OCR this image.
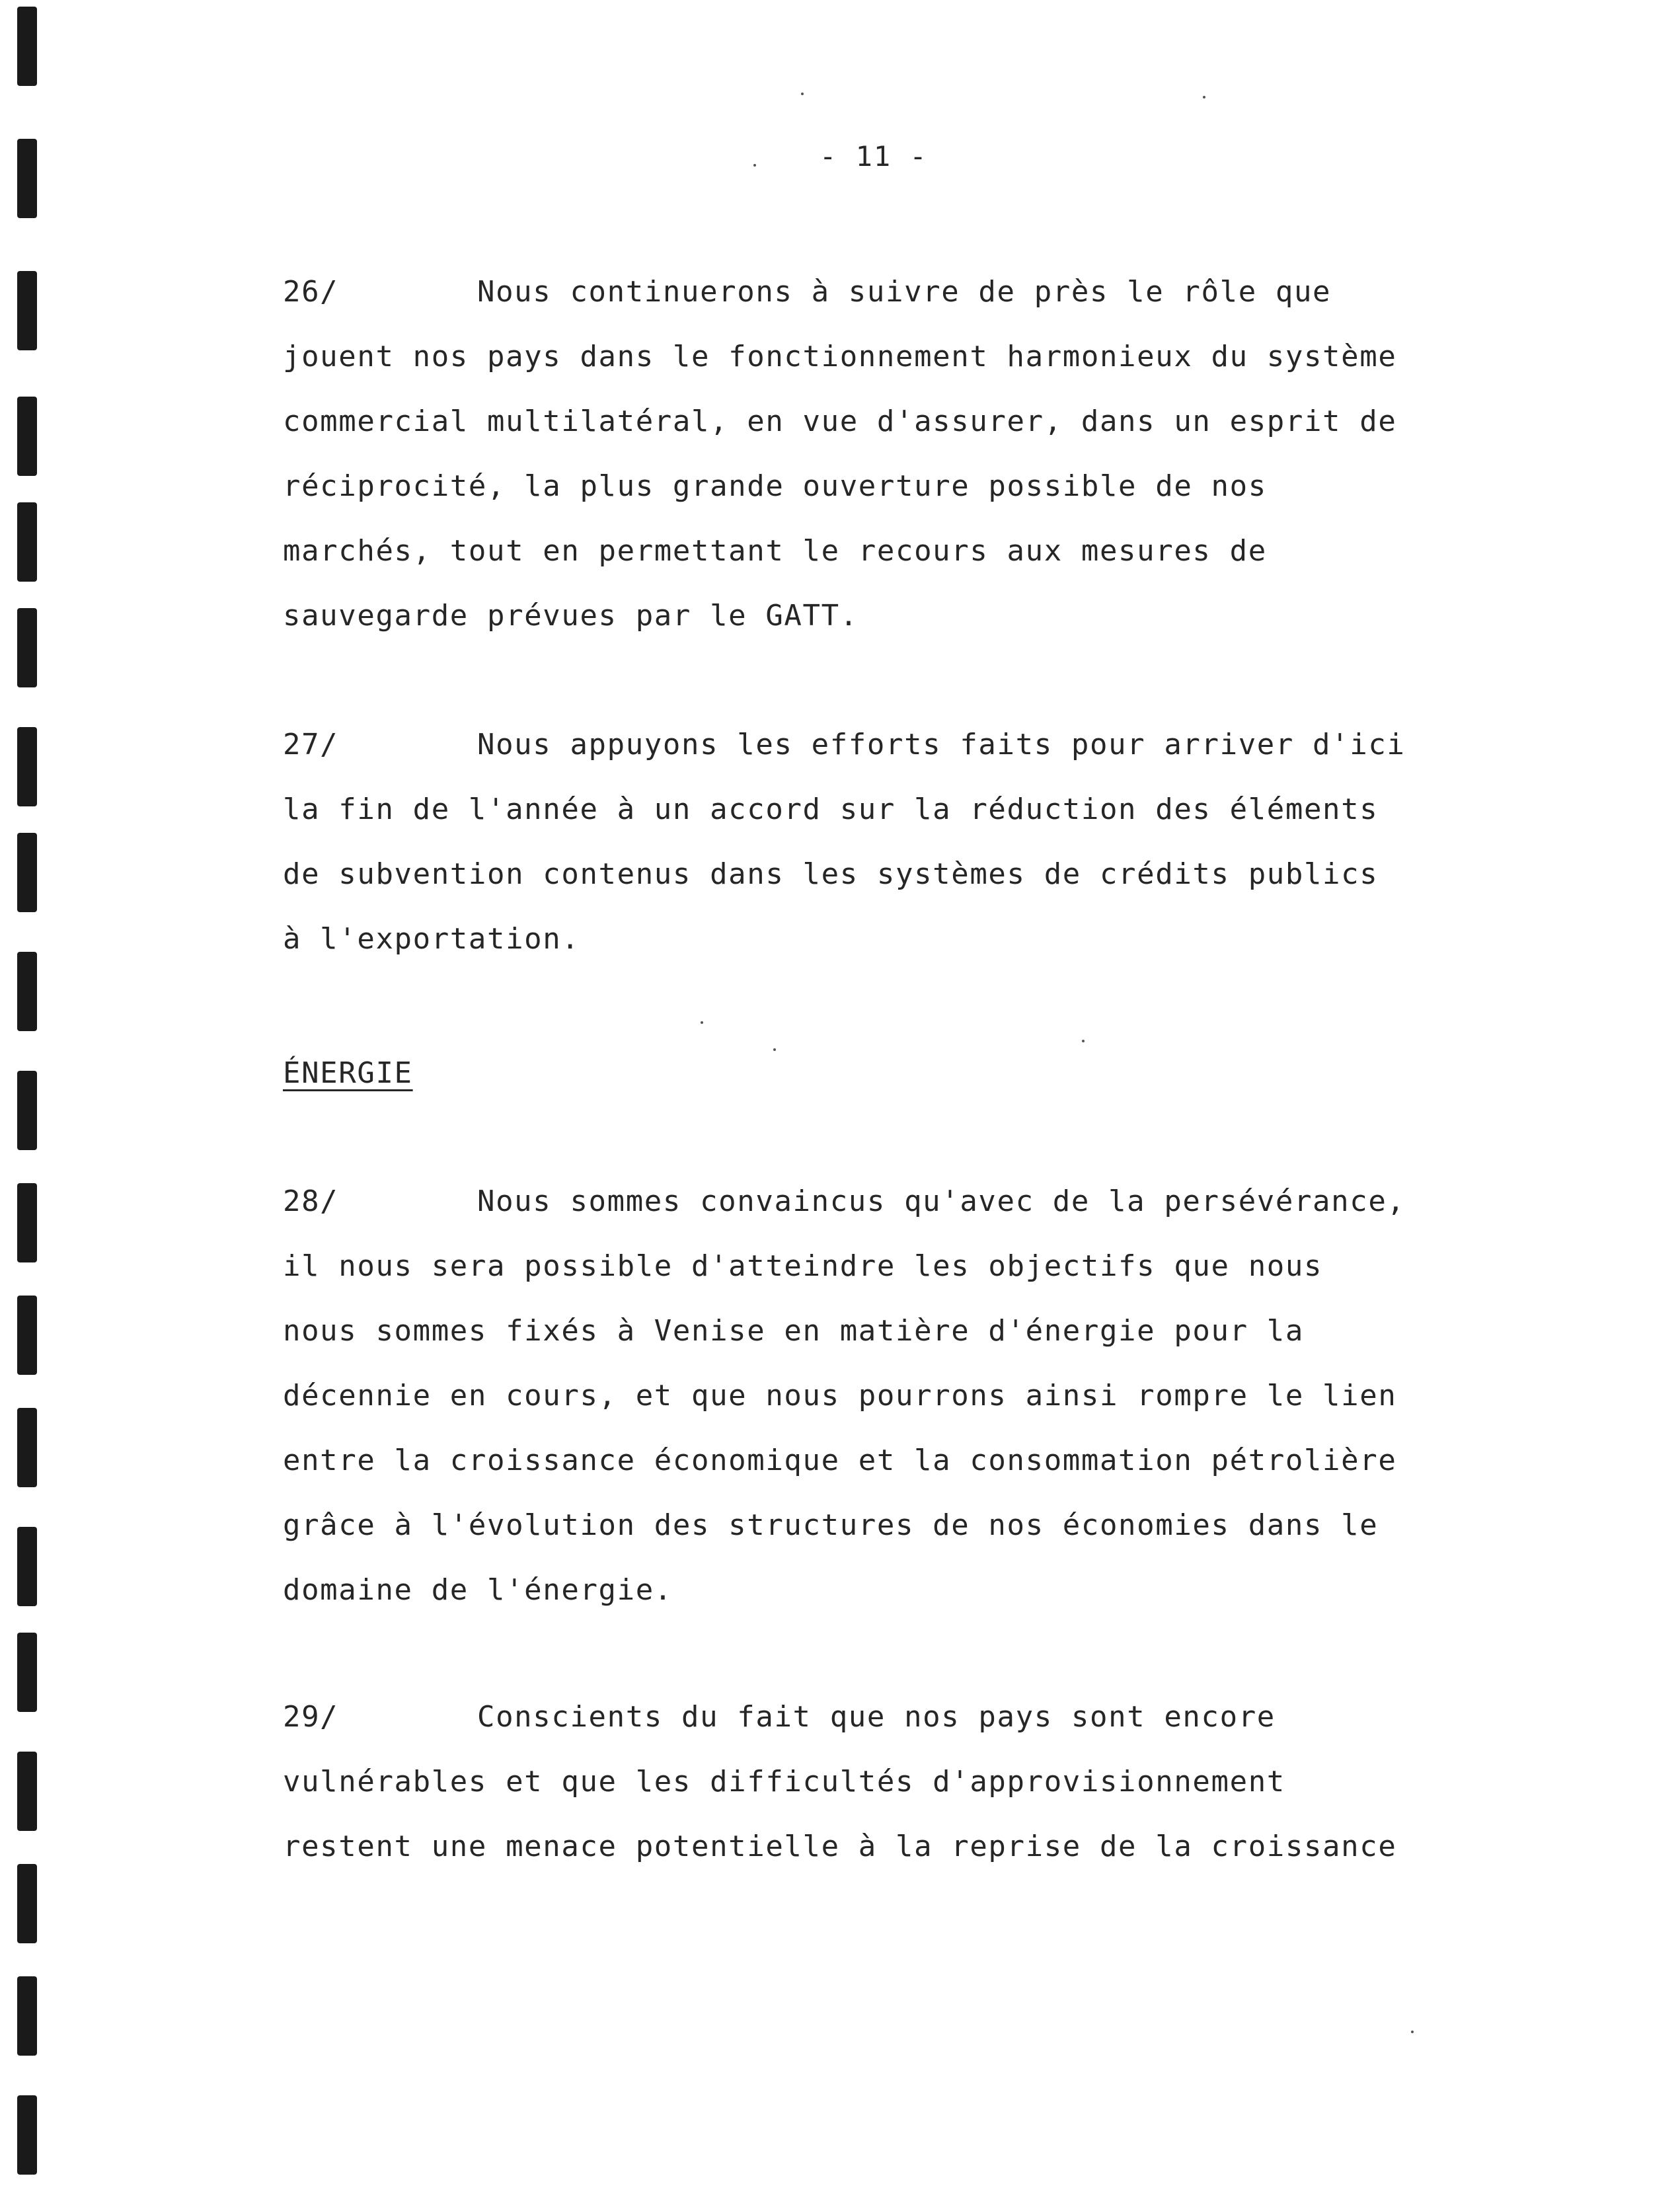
- 11 -
26/	Nous continuerons à suivre de près le rôle que
jouent nos pays dans le fonctionnement harmonieux du système
commercial multilatéral, en vue d'assurer, dans un esprit de
réciprocité, la plus grande ouverture possible de nos
marchés, tout en permettant le recours aux mesures de
sauvegarde prévues par le GATT.
27/	Nous appuyons les efforts faits pour arriver d'ici
la fin de l'année à un accord sur la réduction des éléments
de subvention contenus dans les systèmes de crédits publics
à l'exportation.
ÉNERGIE
28/	Nous sommes convaincus qu'avec de la persévérance,
il nous sera possible d'atteindre les objectifs que nous
nous sommes fixés à Venise en matière d'énergie pour la
décennie en cours, et que nous pourrons ainsi rompre le lien
entre la croissance économique et la consommation pétrolière
grâce à l'évolution des structures de nos économies dans le
domaine de l'énergie.
29/	Conscients du fait que nos pays sont encore
vulnérables et que les difficultés d'approvisionnement
restent une menace potentielle à la reprise de la croissance
